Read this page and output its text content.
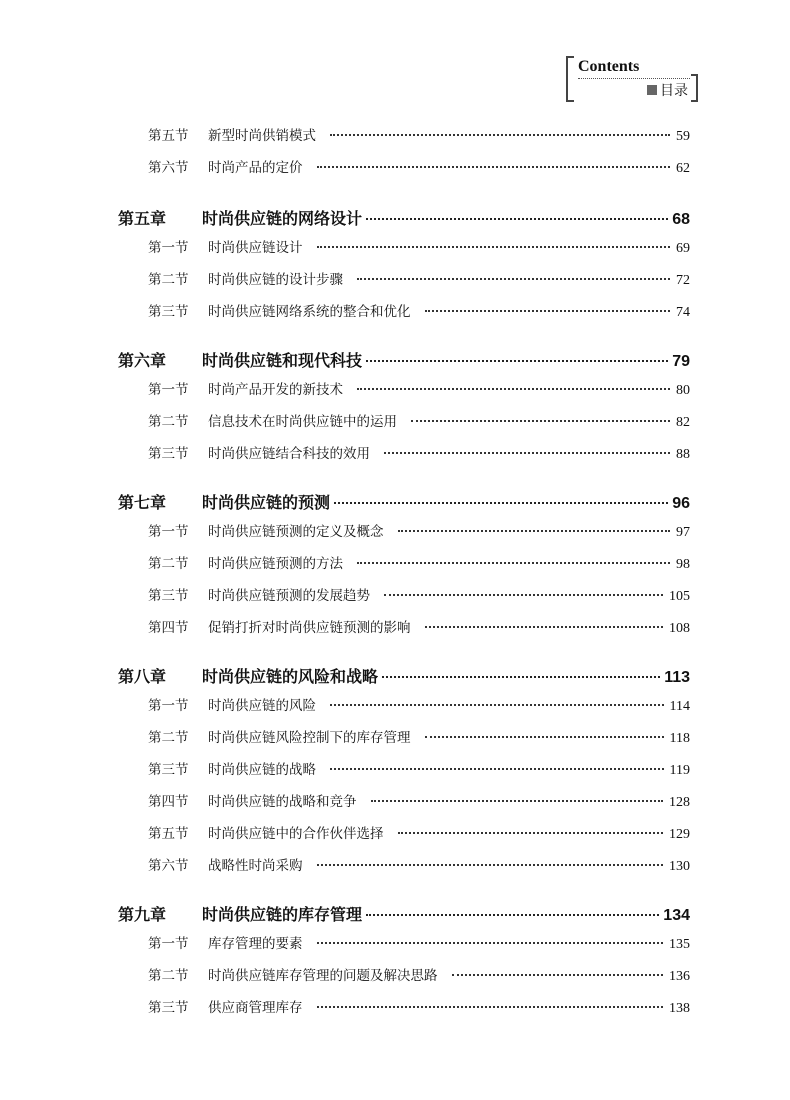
Contents
目录
第五节	新型时尚供销模式	59
第六节	时尚产品的定价	62
第五章	时尚供应链的网络设计	68
第一节	时尚供应链设计	69
第二节	时尚供应链的设计步骤	72
第三节	时尚供应链网络系统的整合和优化	74
第六章	时尚供应链和现代科技	79
第一节	时尚产品开发的新技术	80
第二节	信息技术在时尚供应链中的运用	82
第三节	时尚供应链结合科技的效用	88
第七章	时尚供应链的预测	96
第一节	时尚供应链预测的定义及概念	97
第二节	时尚供应链预测的方法	98
第三节	时尚供应链预测的发展趋势	105
第四节	促销打折对时尚供应链预测的影响	108
第八章	时尚供应链的风险和战略	113
第一节	时尚供应链的风险	114
第二节	时尚供应链风险控制下的库存管理	118
第三节	时尚供应链的战略	119
第四节	时尚供应链的战略和竞争	128
第五节	时尚供应链中的合作伙伴选择	129
第六节	战略性时尚采购	130
第九章	时尚供应链的库存管理	134
第一节	库存管理的要素	135
第二节	时尚供应链库存管理的问题及解决思路	136
第三节	供应商管理库存	138
